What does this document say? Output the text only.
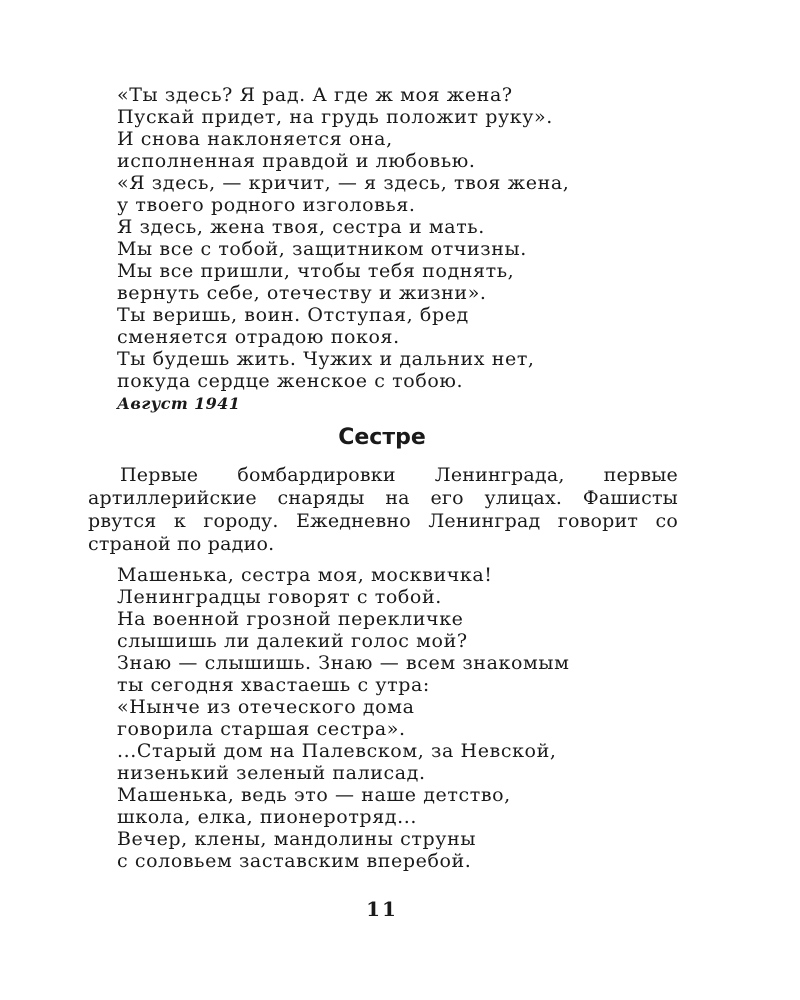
«Ты здесь? Я рад. А где ж моя жена?
Пускай придет, на грудь положит руку».
И снова наклоняется она,
исполненная правдой и любовью.
«Я здесь, — кричит, — я здесь, твоя жена,
у твоего родного изголовья.
Я здесь, жена твоя, сестра и мать.
Мы все с тобой, защитником отчизны.
Мы все пришли, чтобы тебя поднять,
вернуть себе, отечеству и жизни».
Ты веришь, воин. Отступая, бред
сменяется отрадою покоя.
Ты будешь жить. Чужих и дальних нет,
покуда сердце женское с тобою.
Август 1941
Сестре

Первые бомбардировки Ленинграда, первые артиллерийские снаряды на его улицах. Фашисты рвутся к городу. Ежедневно Ленинград говорит со страной по радио.

Машенька, сестра моя, москвичка!
Ленинградцы говорят с тобой.
На военной грозной перекличке
слышишь ли далекий голос мой?
Знаю — слышишь. Знаю — всем знакомым
ты сегодня хвастаешь с утра:
«Нынче из отеческого дома
говорила старшая сестра».
...Старый дом на Палевском, за Невской,
низенький зеленый палисад.
Машенька, ведь это — наше детство,
школа, елка, пионеротряд...
Вечер, клены, мандолины струны
с соловьем заставским вперебой.
11
